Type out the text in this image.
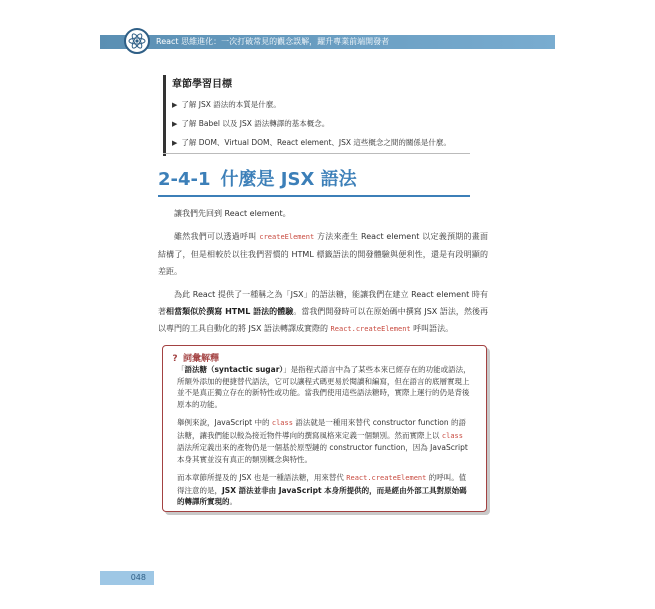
React 思維進化：一次打破常見的觀念誤解，躍升專業前端開發者
章節學習目標
▶ 了解 JSX 語法的本質是什麼。
▶ 了解 Babel 以及 JSX 語法轉譯的基本概念。
▶ 了解 DOM、Virtual DOM、React element、JSX 這些概念之間的關係是什麼。
2-4-1 什麼是 JSX 語法

讓我們先回到 React element。

雖然我們可以透過呼叫 createElement 方法來產生 React element 以定義預期的畫面結構了，但是相較於以往我們習慣的 HTML 標籤語法的開發體驗與便利性，還是有段明顯的差距。

為此 React 提供了一種稱之為「JSX」的語法糖，能讓我們在建立 React element 時有著相當類似於撰寫 HTML 語法的體驗。當我們開發時可以在原始碼中撰寫 JSX 語法，然後再以專門的工具自動化的將 JSX 語法轉譯成實際的 React.createElement 呼叫語法。

? 詞彙解釋

「語法糖（syntactic sugar）」是指程式語言中為了某些本來已經存在的功能或語法，所額外添加的便捷替代語法，它可以讓程式碼更易於閱讀和編寫，但在語言的底層實現上並不是真正獨立存在的新特性或功能。當我們使用這些語法糖時，實際上運行的仍是背後原本的功能。

舉例來說，JavaScript 中的 class 語法就是一種用來替代 constructor function 的語法糖，讓我們能以較為接近物件導向的撰寫風格來定義一個類別。然而實際上以 class 語法所定義出來的產物仍是一個基於原型鏈的 constructor function，因為 JavaScript 本身其實並沒有真正的類別概念與特性。

而本章節所提及的 JSX 也是一種語法糖，用來替代 React.createElement 的呼叫。值得注意的是，JSX 語法並非由 JavaScript 本身所提供的，而是經由外部工具對原始碼的轉譯所實現的。

048
